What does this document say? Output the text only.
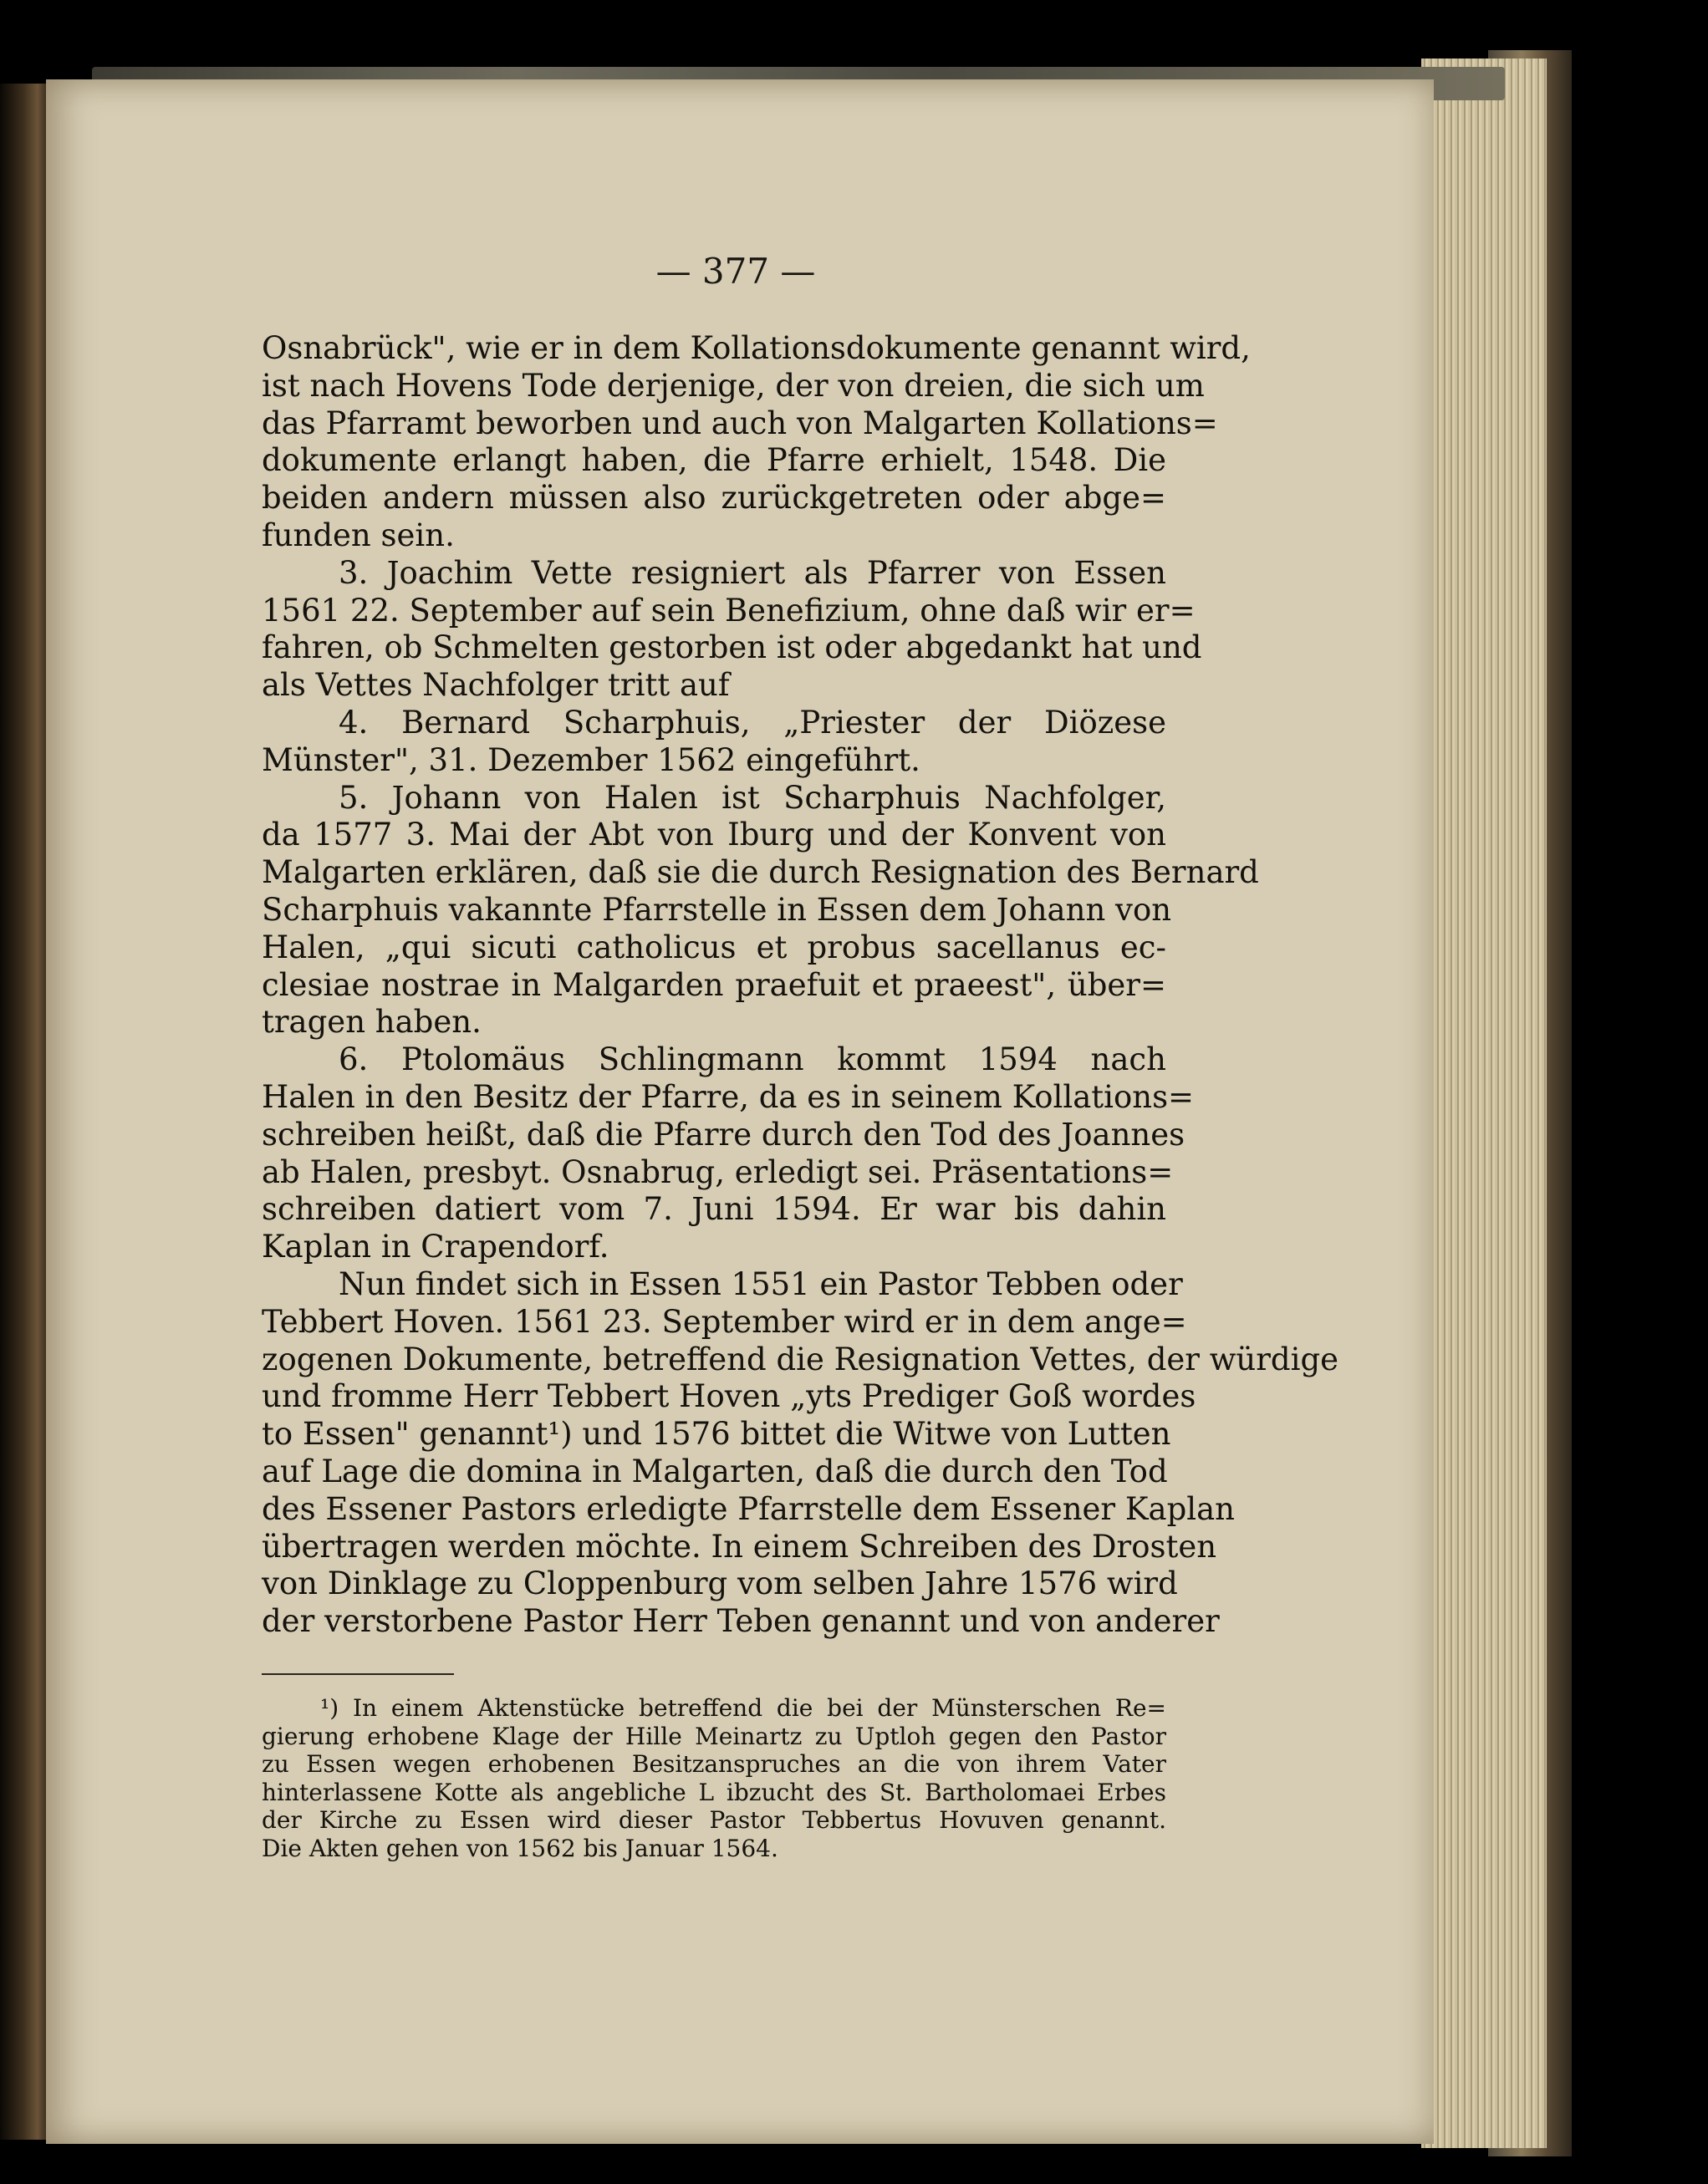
— 377 —
Osnabrück", wie er in dem Kollationsdokumente genannt wird,
ist nach Hovens Tode derjenige, der von dreien, die sich um
das Pfarramt beworben und auch von Malgarten Kollations=
dokumente erlangt haben, die Pfarre erhielt, 1548. Die
beiden andern müssen also zurückgetreten oder abge=
funden sein.
3. Joachim Vette resigniert als Pfarrer von Essen
1561 22. September auf sein Benefizium, ohne daß wir er=
fahren, ob Schmelten gestorben ist oder abgedankt hat und
als Vettes Nachfolger tritt auf
4. Bernard Scharphuis, „Priester der Diözese
Münster", 31. Dezember 1562 eingeführt.
5. Johann von Halen ist Scharphuis Nachfolger,
da 1577 3. Mai der Abt von Iburg und der Konvent von
Malgarten erklären, daß sie die durch Resignation des Bernard
Scharphuis vakannte Pfarrstelle in Essen dem Johann von
Halen, „qui sicuti catholicus et probus sacellanus ec-
clesiae nostrae in Malgarden praefuit et praeest", über=
tragen haben.
6. Ptolomäus Schlingmann kommt 1594 nach
Halen in den Besitz der Pfarre, da es in seinem Kollations=
schreiben heißt, daß die Pfarre durch den Tod des Joannes
ab Halen, presbyt. Osnabrug, erledigt sei. Präsentations=
schreiben datiert vom 7. Juni 1594. Er war bis dahin
Kaplan in Crapendorf.
Nun findet sich in Essen 1551 ein Pastor Tebben oder
Tebbert Hoven. 1561 23. September wird er in dem ange=
zogenen Dokumente, betreffend die Resignation Vettes, der würdige
und fromme Herr Tebbert Hoven „yts Prediger Goß wordes
to Essen" genannt¹) und 1576 bittet die Witwe von Lutten
auf Lage die domina in Malgarten, daß die durch den Tod
des Essener Pastors erledigte Pfarrstelle dem Essener Kaplan
übertragen werden möchte. In einem Schreiben des Drosten
von Dinklage zu Cloppenburg vom selben Jahre 1576 wird
der verstorbene Pastor Herr Teben genannt und von anderer
¹) In einem Aktenstücke betreffend die bei der Münsterschen Re=
gierung erhobene Klage der Hille Meinartz zu Uptloh gegen den Pastor
zu Essen wegen erhobenen Besitzanspruches an die von ihrem Vater
hinterlassene Kotte als angebliche L ibzucht des St. Bartholomaei Erbes
der Kirche zu Essen wird dieser Pastor Tebbertus Hovuven genannt.
Die Akten gehen von 1562 bis Januar 1564.
